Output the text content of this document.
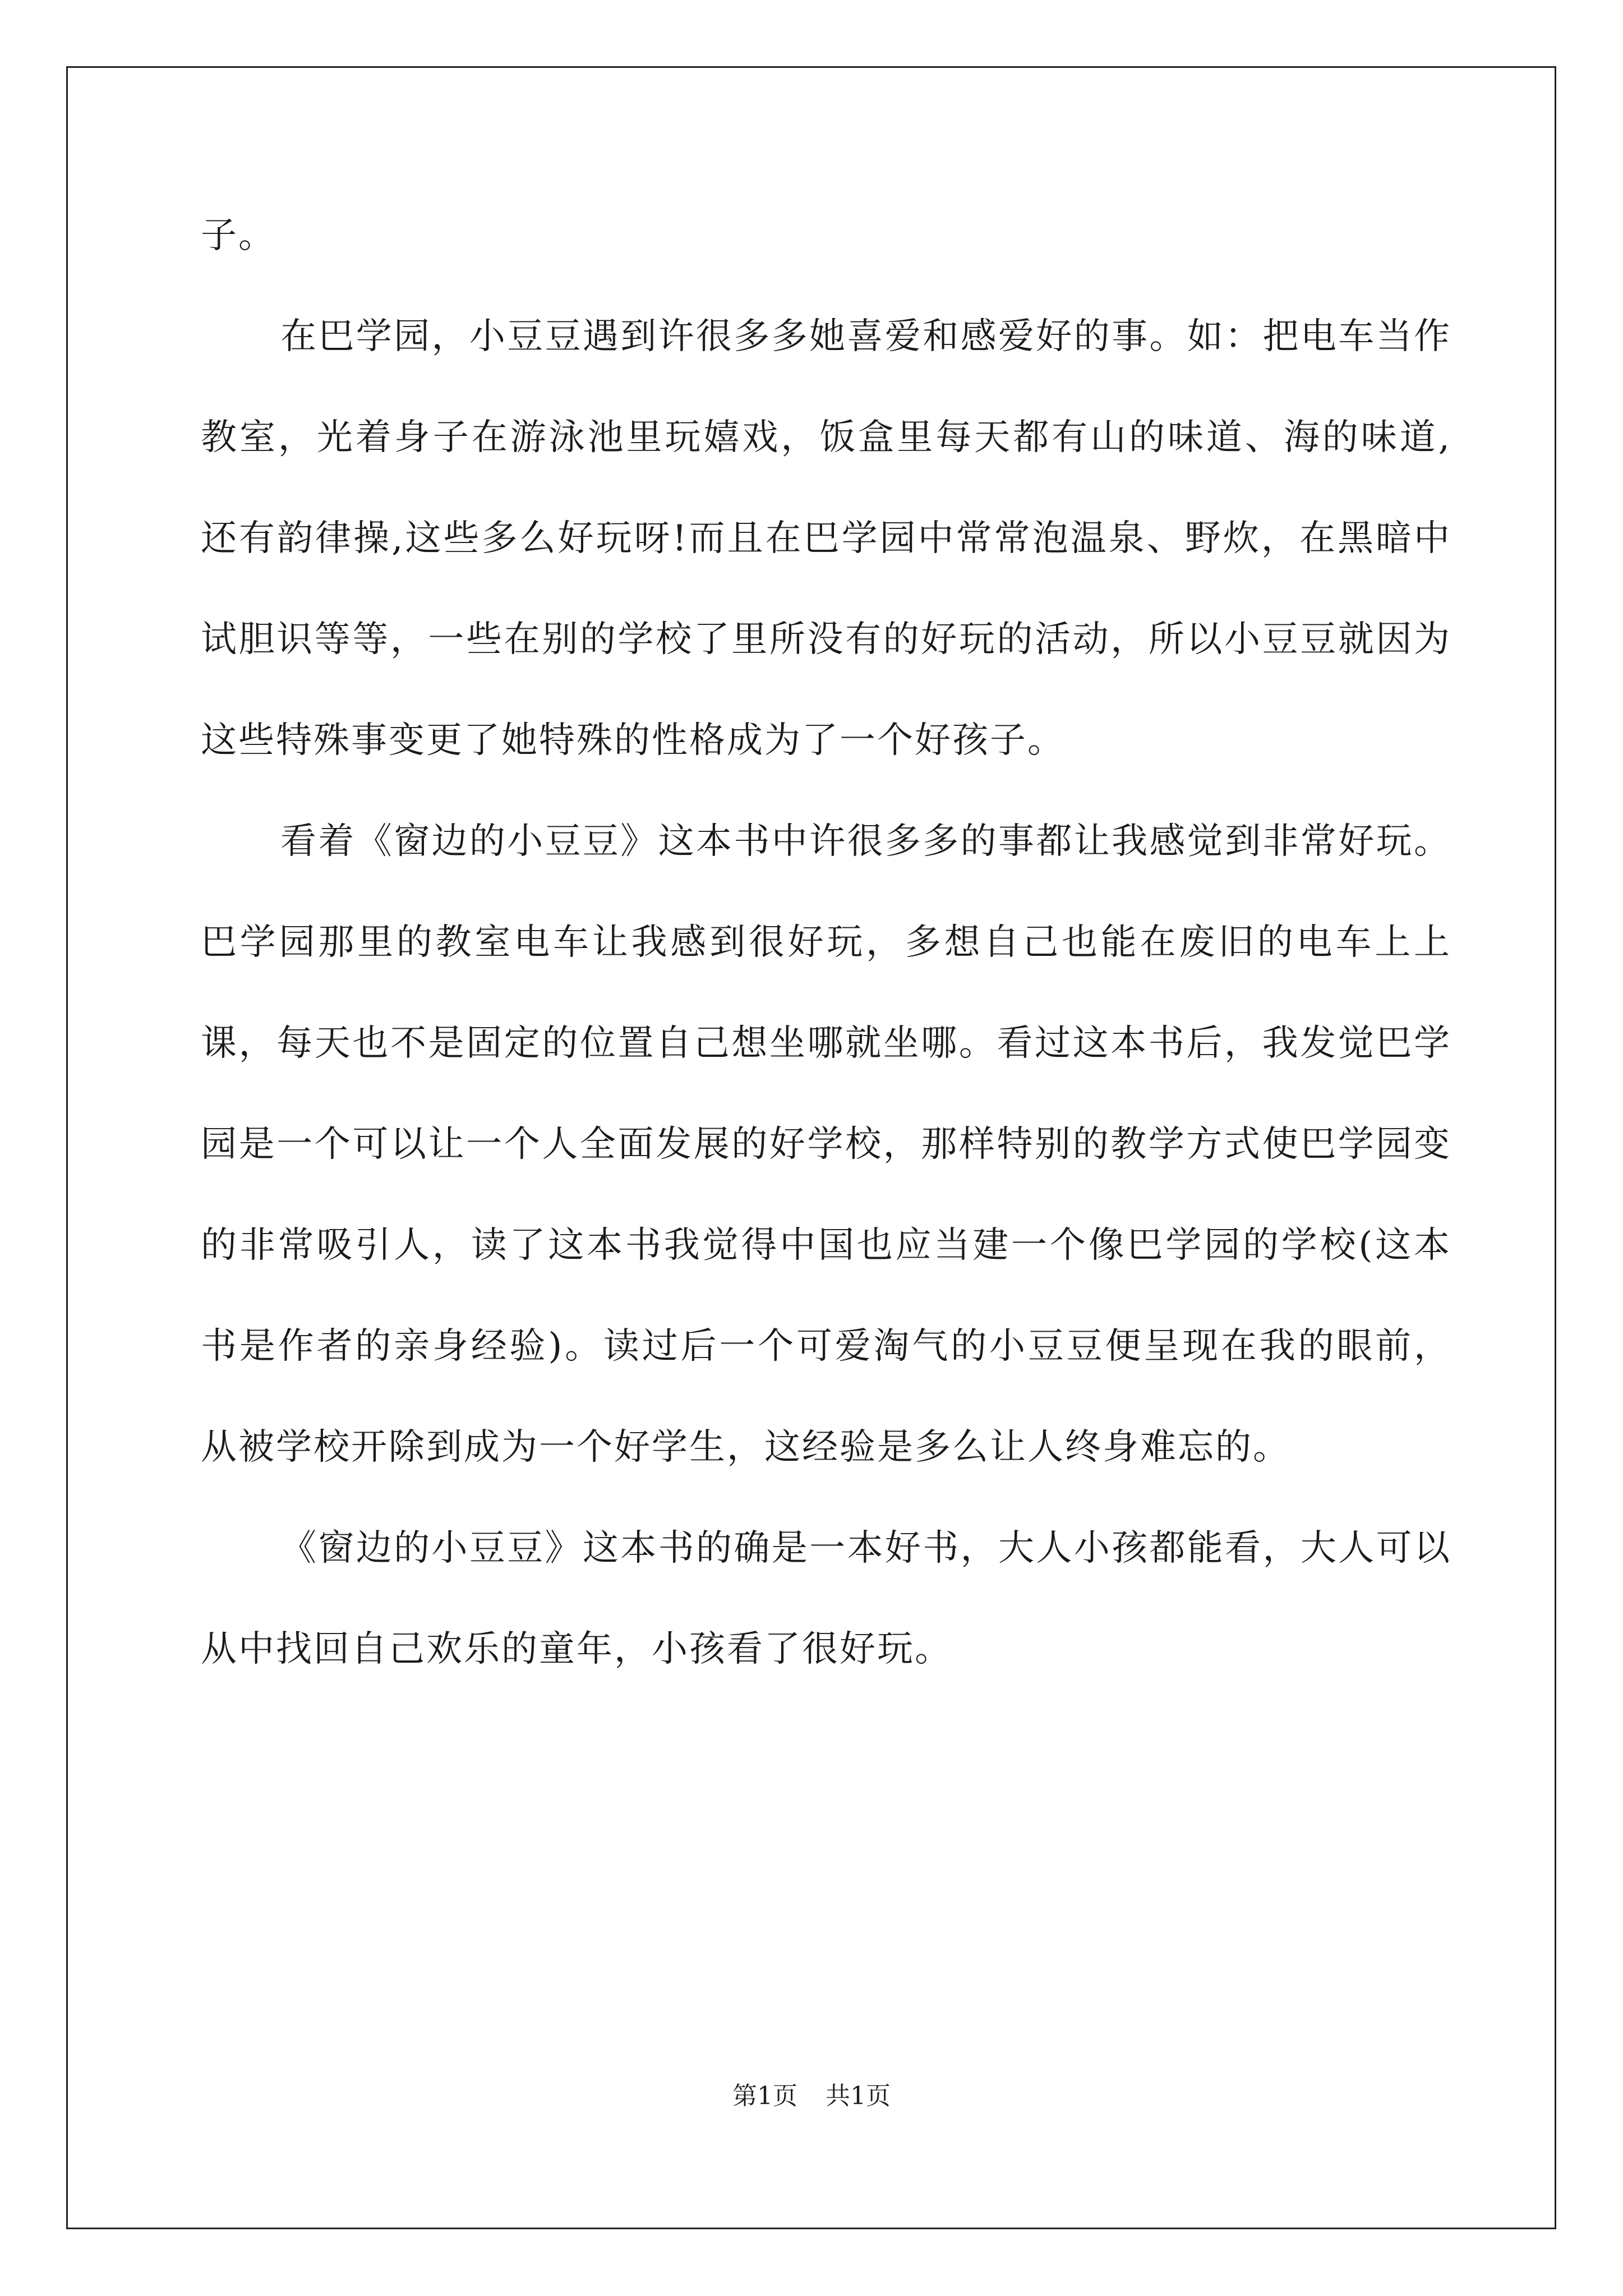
子。

在巴学园，小豆豆遇到许很多多她喜爱和感爱好的事。如：把电车当作教室，光着身子在游泳池里玩嬉戏，饭盒里每天都有山的味道、海的味道,还有韵律操,这些多么好玩呀!而且在巴学园中常常泡温泉、野炊，在黑暗中试胆识等等，一些在别的学校了里所没有的好玩的活动，所以小豆豆就因为这些特殊事变更了她特殊的性格成为了一个好孩子。

看着《窗边的小豆豆》这本书中许很多多的事都让我感觉到非常好玩。巴学园那里的教室电车让我感到很好玩，多想自己也能在废旧的电车上上课，每天也不是固定的位置自己想坐哪就坐哪。看过这本书后，我发觉巴学园是一个可以让一个人全面发展的好学校，那样特别的教学方式使巴学园变的非常吸引人，读了这本书我觉得中国也应当建一个像巴学园的学校(这本书是作者的亲身经验)。读过后一个可爱淘气的小豆豆便呈现在我的眼前，从被学校开除到成为一个好学生，这经验是多么让人终身难忘的。

《窗边的小豆豆》这本书的确是一本好书，大人小孩都能看，大人可以从中找回自己欢乐的童年，小孩看了很好玩。

第1页 共1页
